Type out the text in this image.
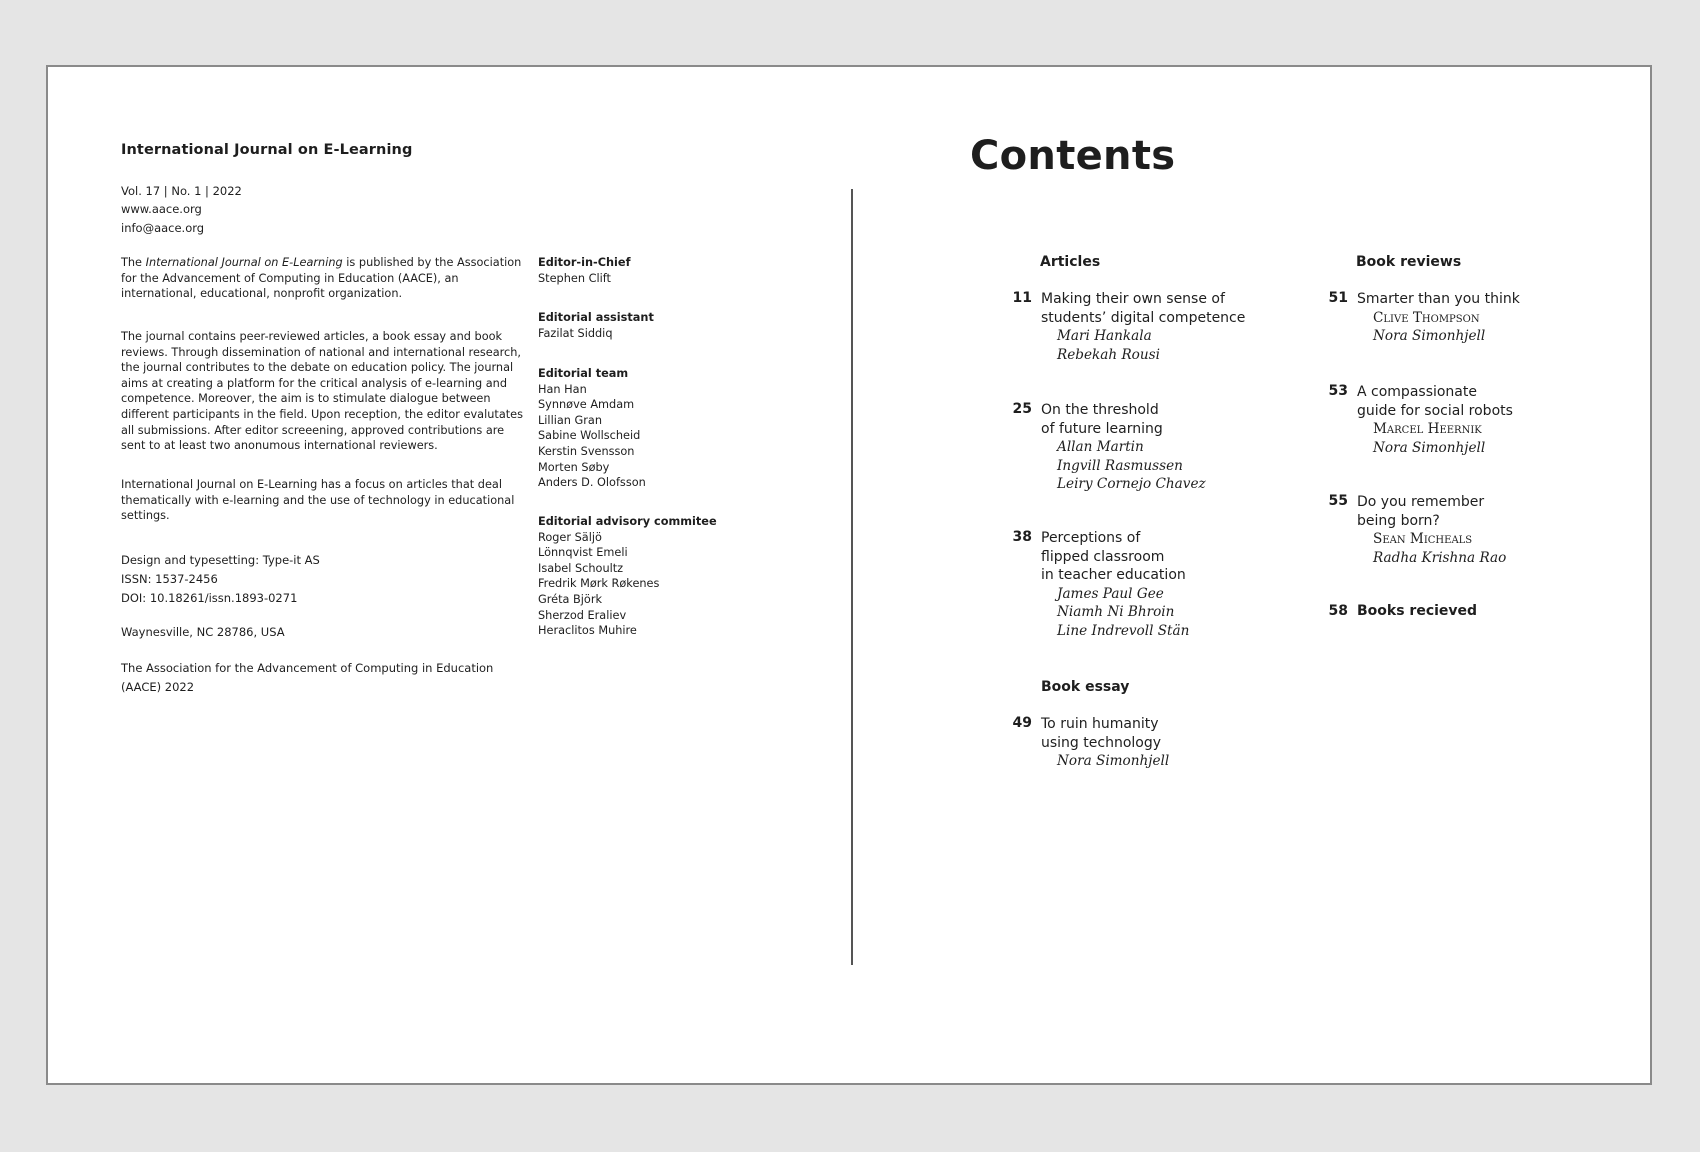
International Journal on E-Learning
Vol. 17 | No. 1 | 2022
www.aace.org
info@aace.org
The International Journal on E-Learning is published by the Association for the Advancement of Computing in Education (AACE), an international, educational, nonprofit organization.
The journal contains peer-reviewed articles, a book essay and book reviews. Through dissemination of national and international research, the journal contributes to the debate on education policy. The journal aims at creating a platform for the critical analysis of e-learning and competence. Moreover, the aim is to stimulate dialogue between different participants in the field. Upon reception, the editor evalutates all submissions. After editor screeening, approved contributions are sent to at least two anonumous international reviewers.
International Journal on E-Learning has a focus on articles that deal thematically with e-learning and the use of technology in educational settings.
Design and typesetting: Type-it AS
ISSN: 1537-2456
DOI: 10.18261/issn.1893-0271
Waynesville, NC 28786, USA
The Association for the Advancement of Computing in Education
(AACE) 2022
Editor-in-Chief
Stephen Clift
Editorial assistant
Fazilat Siddiq
Editorial team
Han Han
Synnøve Amdam
Lillian Gran
Sabine Wollscheid
Kerstin Svensson
Morten Søby
Anders D. Olofsson
Editorial advisory commitee
Roger Säljö
Lönnqvist Emeli
Isabel Schoultz
Fredrik Mørk Røkenes
Gréta Björk
Sherzod Eraliev
Heraclitos Muhire
Contents
Articles
11 Making their own sense of
students’ digital competence
Mari Hankala
Rebekah Rousi
25 On the threshold
of future learning
Allan Martin
Ingvill Rasmussen
Leiry Cornejo Chavez
38 Perceptions of
flipped classroom
in teacher education
James Paul Gee
Niamh Ni Bhroin
Line Indrevoll Stän
Book essay
49 To ruin humanity
using technology
Nora Simonhjell
Book reviews
51 Smarter than you think
Clive Thompson
Nora Simonhjell
53 A compassionate
guide for social robots
Marcel Heernik
Nora Simonhjell
55 Do you remember
being born?
Sean Micheals
Radha Krishna Rao
58 Books recieved
